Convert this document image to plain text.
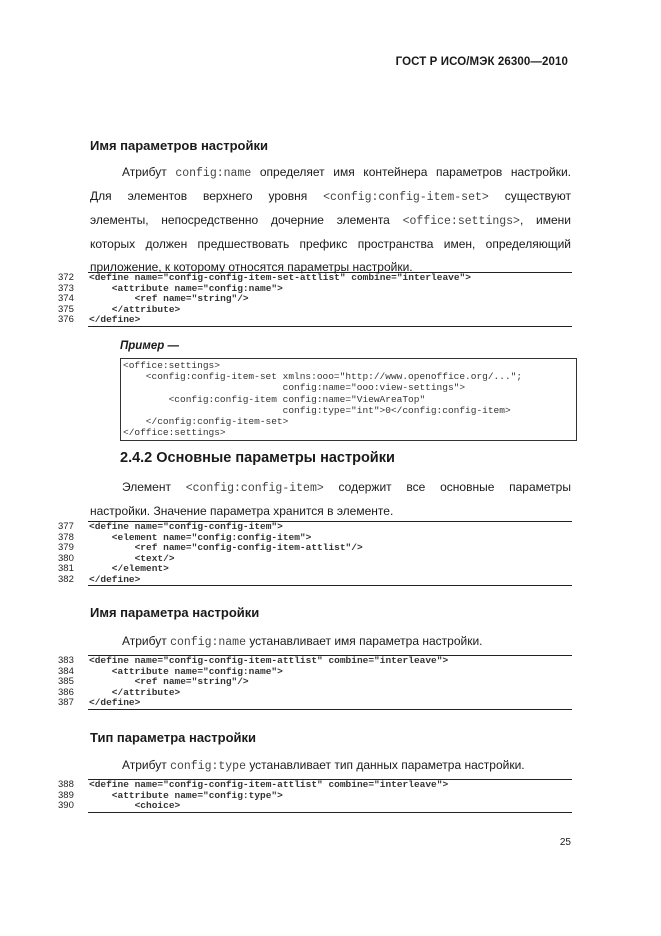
ГОСТ Р ИСО/МЭК 26300—2010
Имя параметров настройки

Атрибут config:name определяет имя контейнера параметров настройки.

Для элементов верхнего уровня <config:config-item-set> существуют

элементы, непосредственно дочерние элемента <office:settings>, имени

которых должен предшествовать префикс пространства имен, определяющий

приложение, к которому относятся параметры настройки.

372	<define name="config-config-item-set-attlist" combine="interleave">
373	<attribute name="config:name">
374	<ref name="string"/>
375	</attribute>
376	</define>
Пример —
<office:settings>
<config:config-item-set xmlns:ooo="http://www.openoffice.org/...";
config:name="ooo:view-settings">
<config:config-item config:name="ViewAreaTop"
config:type="int">0</config:config-item>
</config:config-item-set>
</office:settings>
2.4.2 Основные параметры настройки

Элемент <config:config-item> содержит все основные параметры

настройки. Значение параметра хранится в элементе.

377	<define name="config-config-item">
378	<element name="config:config-item">
379	<ref name="config-config-item-attlist"/>
380	<text/>
381	</element>
382	</define>
Имя параметра настройки

Атрибут config:name устанавливает имя параметра настройки.

383	<define name="config-config-item-attlist" combine="interleave">
384	<attribute name="config:name">
385	<ref name="string"/>
386	</attribute>
387	</define>
Тип параметра настройки

Атрибут config:type устанавливает тип данных параметра настройки.

388	<define name="config-config-item-attlist" combine="interleave">
389	<attribute name="config:type">
390	<choice>
25
